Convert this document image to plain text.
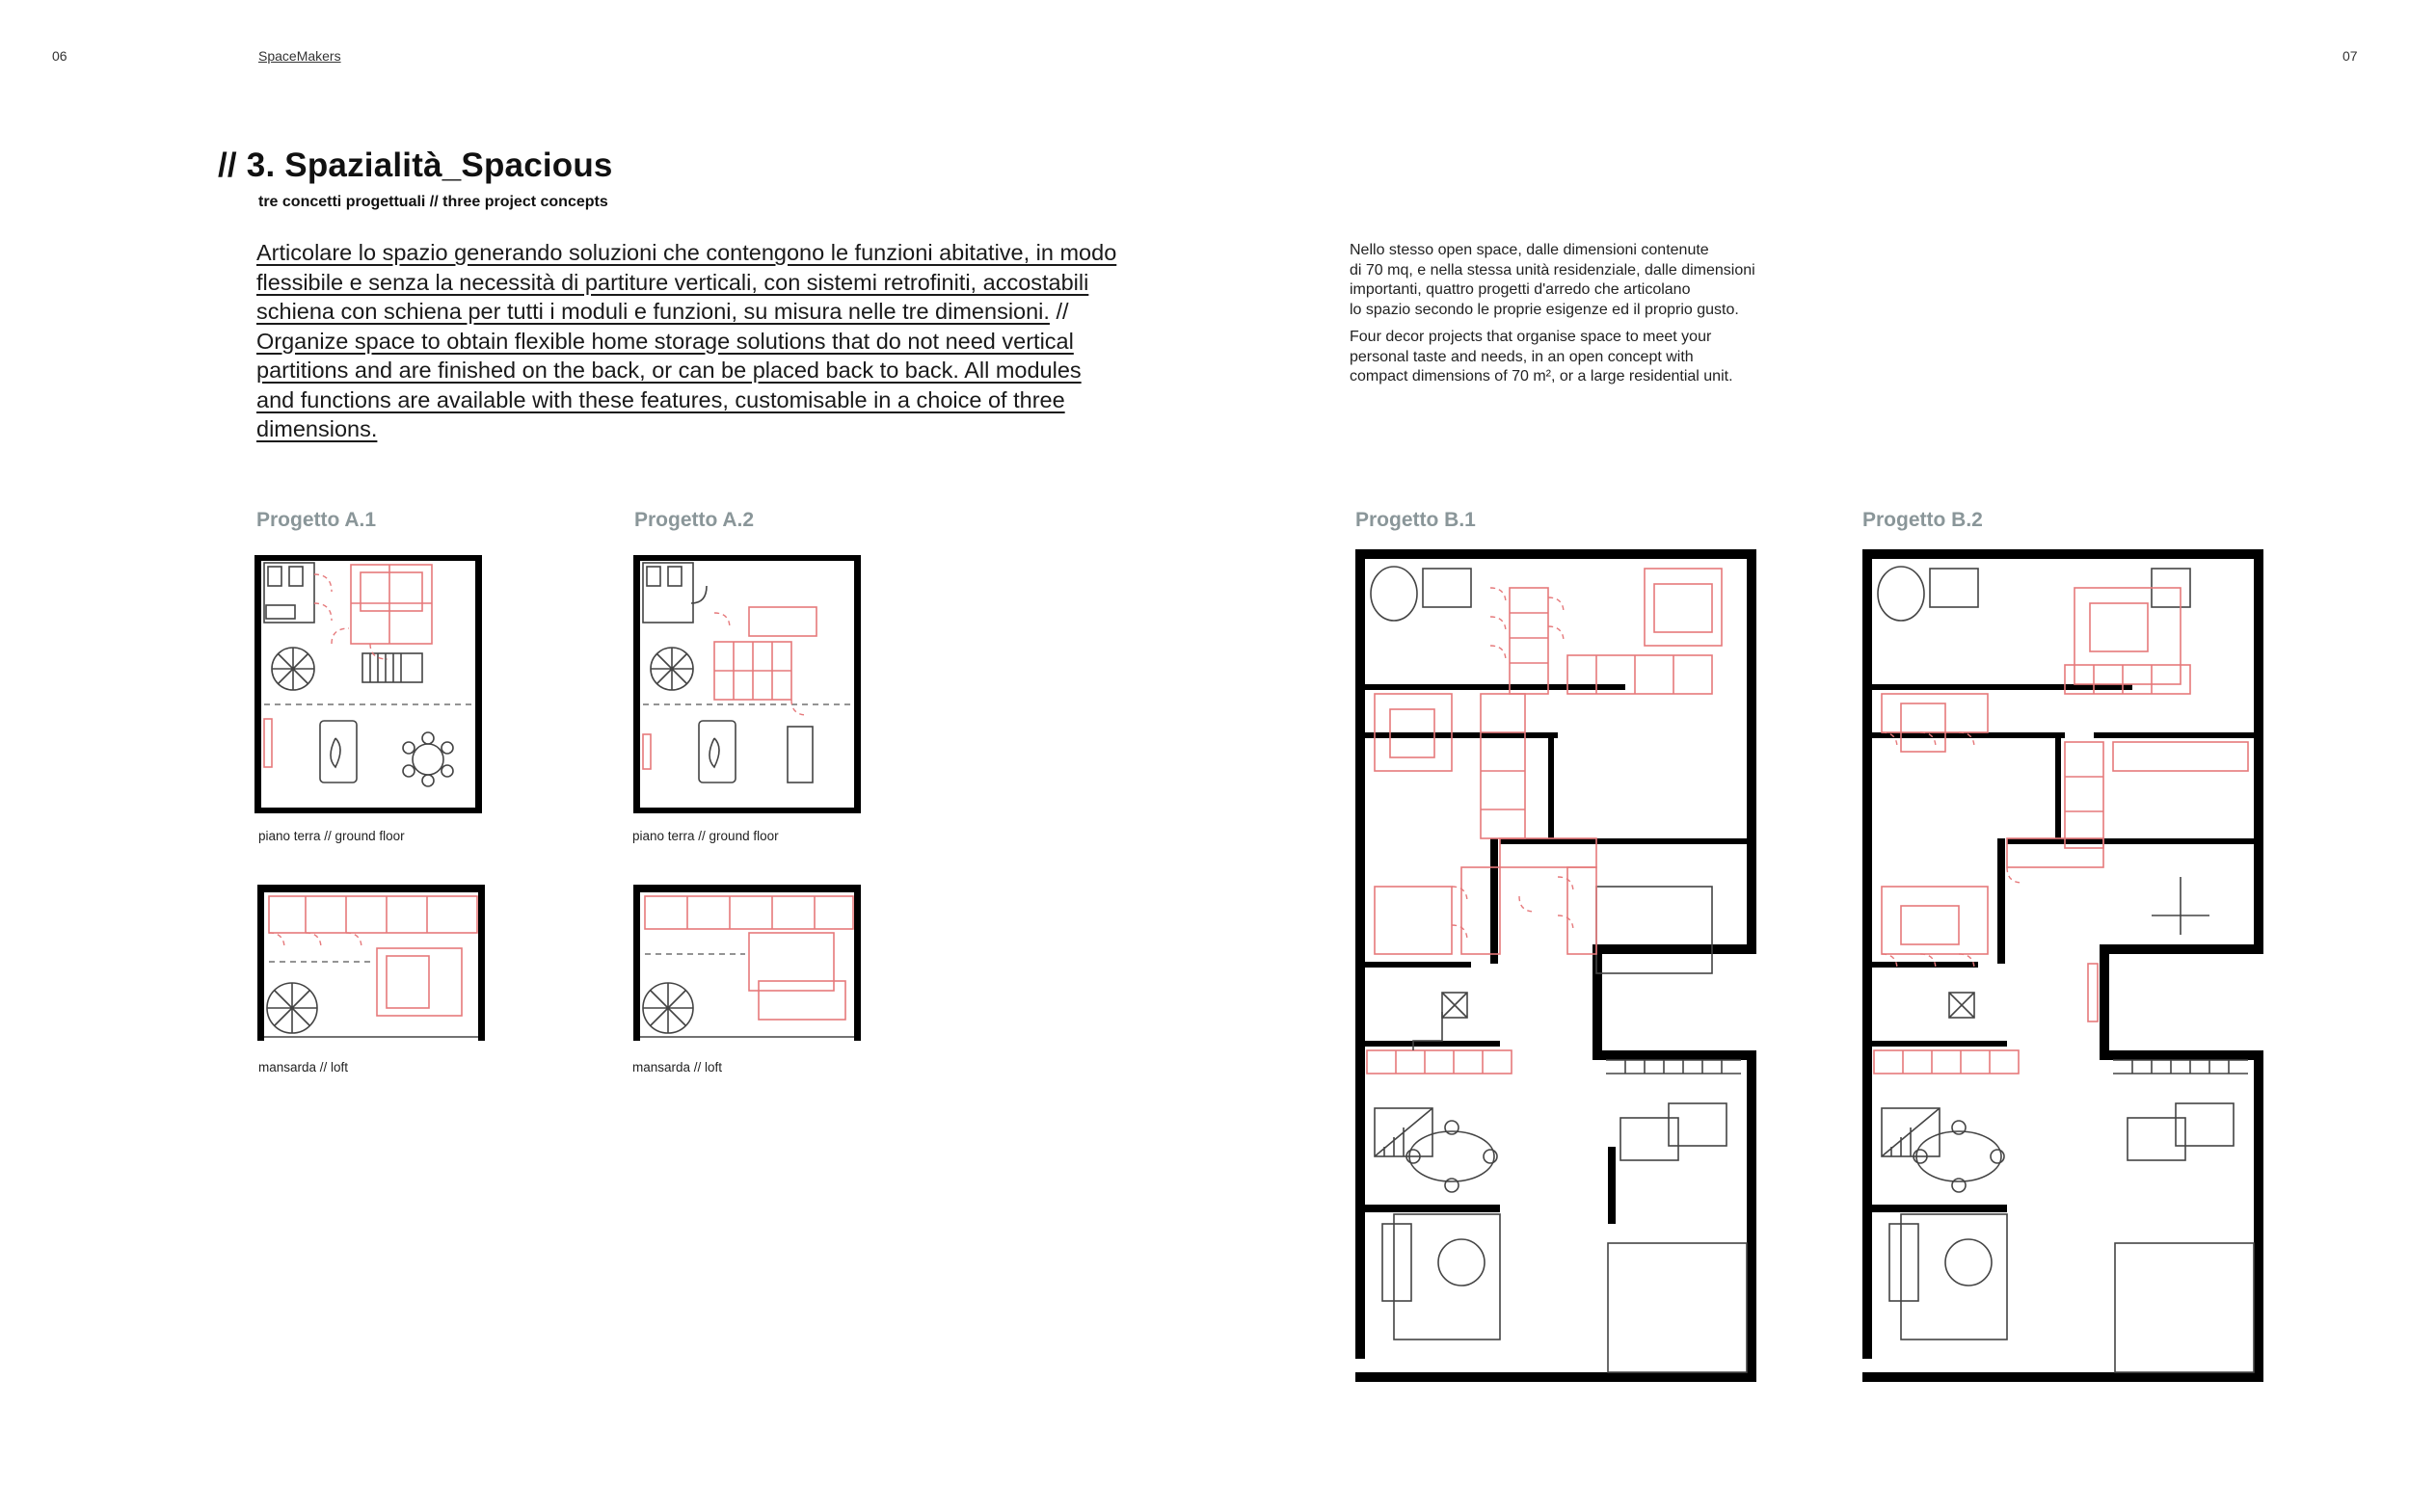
06	SpaceMakers	07
// 3. Spazialità_Spacious
tre concetti progettuali // three project concepts
Articolare lo spazio generando soluzioni che contengono le funzioni abitative, in modo flessibile e senza la necessità di partiture verticali, con sistemi retrofiniti, accostabili schiena con schiena per tutti i moduli e funzioni, su misura nelle tre dimensioni. // Organize space to obtain flexible home storage solutions that do not need vertical partitions and are finished on the back, or can be placed back to back. All modules and functions are available with these features, customisable in a choice of three dimensions.

Nello stesso open space, dalle dimensioni contenute
di 70 mq, e nella stessa unità residenziale, dalle dimensioni
importanti, quattro progetti d'arredo che articolano
lo spazio secondo le proprie esigenze ed il proprio gusto.

Four decor projects that organise space to meet your
personal taste and needs, in an open concept with
compact dimensions of 70 m², or a large residential unit.

Progetto A.1	Progetto A.2	Progetto B.1	Progetto B.2
piano terra // ground floor	piano terra // ground floor
mansarda // loft	mansarda // loft
